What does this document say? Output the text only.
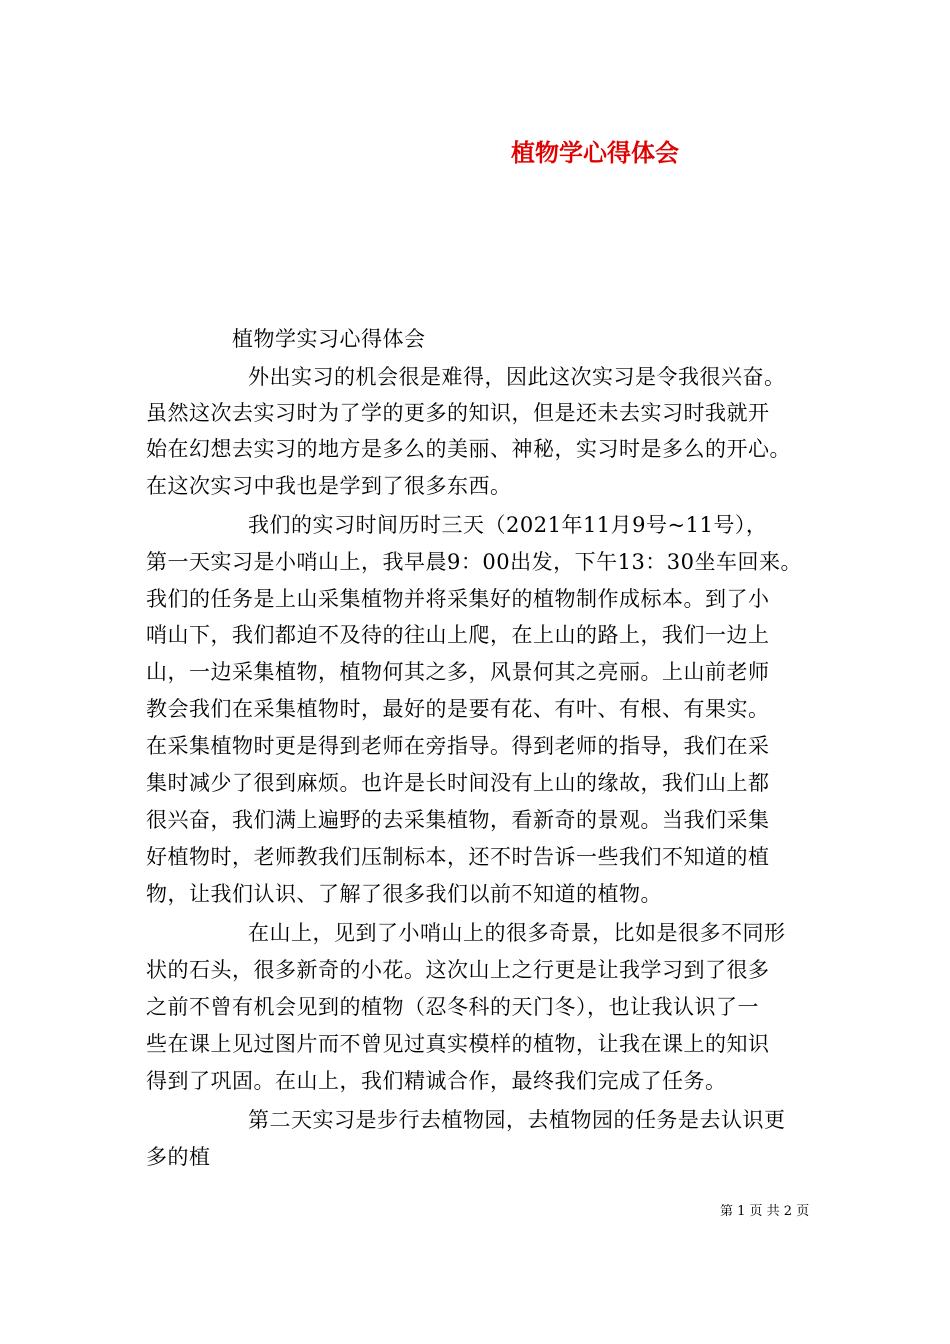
植物学心得体会
植物学实习心得体会
外出实习的机会很是难得，因此这次实习是令我很兴奋。
虽然这次去实习时为了学的更多的知识，但是还未去实习时我就开
始在幻想去实习的地方是多么的美丽、神秘，实习时是多么的开心。
在这次实习中我也是学到了很多东西。
我们的实习时间历时三天（2021年11月9号~11号），
第一天实习是小哨山上，我早晨9：00出发，下午13：30坐车回来。
我们的任务是上山采集植物并将采集好的植物制作成标本。到了小
哨山下，我们都迫不及待的往山上爬，在上山的路上，我们一边上
山，一边采集植物，植物何其之多，风景何其之亮丽。上山前老师
教会我们在采集植物时，最好的是要有花、有叶、有根、有果实。
在采集植物时更是得到老师在旁指导。得到老师的指导，我们在采
集时减少了很到麻烦。也许是长时间没有上山的缘故，我们山上都
很兴奋，我们满上遍野的去采集植物，看新奇的景观。当我们采集
好植物时，老师教我们压制标本，还不时告诉一些我们不知道的植
物，让我们认识、了解了很多我们以前不知道的植物。
在山上，见到了小哨山上的很多奇景，比如是很多不同形
状的石头，很多新奇的小花。这次山上之行更是让我学习到了很多
之前不曾有机会见到的植物（忍冬科的天门冬），也让我认识了一
些在课上见过图片而不曾见过真实模样的植物，让我在课上的知识
得到了巩固。在山上，我们精诚合作，最终我们完成了任务。
第二天实习是步行去植物园，去植物园的任务是去认识更
多的植
第 1 页 共 2 页
